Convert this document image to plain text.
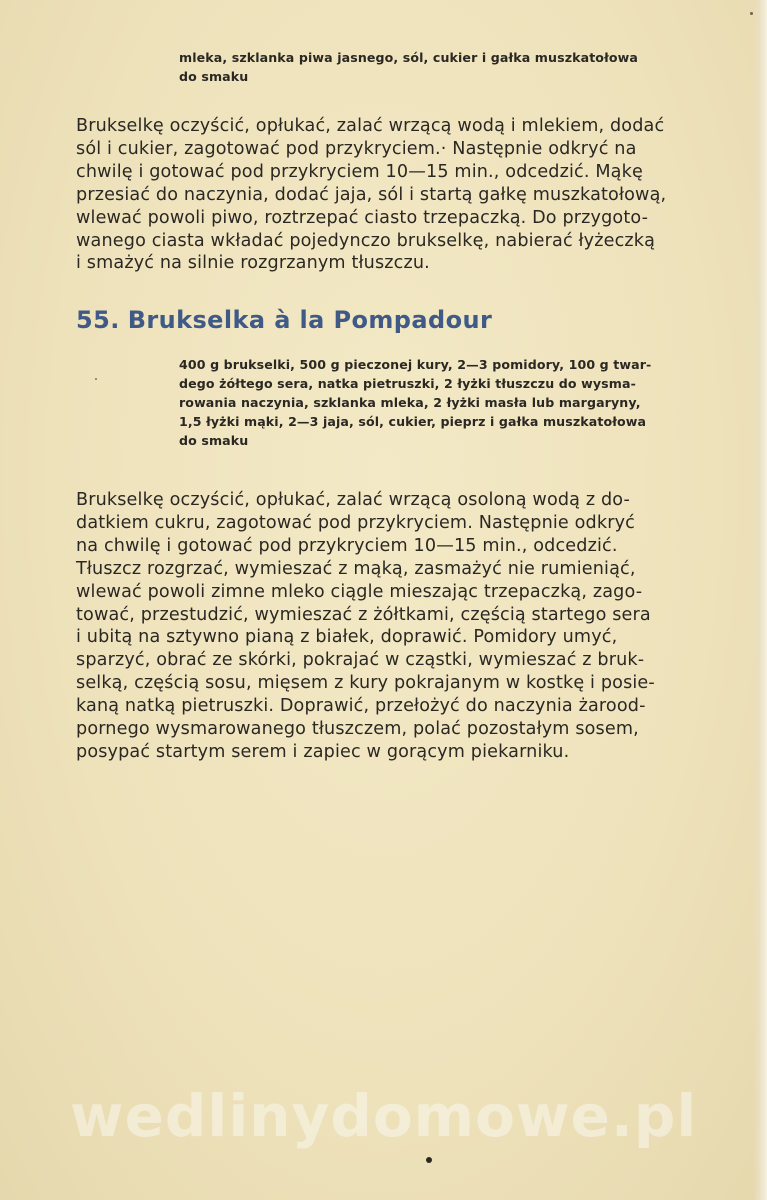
mleka, szklanka piwa jasnego, sól, cukier i gałka muszkatołowa
do smaku
Brukselkę oczyścić, opłukać, zalać wrzącą wodą i mlekiem, dodać
sól i cukier, zagotować pod przykryciem.· Następnie odkryć na
chwilę i gotować pod przykryciem 10—15 min., odcedzić. Mąkę
przesiać do naczynia, dodać jaja, sól i startą gałkę muszkatołową,
wlewać powoli piwo, roztrzepać ciasto trzepaczką. Do przygoto-
wanego ciasta wkładać pojedynczo brukselkę, nabierać łyżeczką
i smażyć na silnie rozgrzanym tłuszczu.
55. Brukselka à la Pompadour
400 g brukselki, 500 g pieczonej kury, 2—3 pomidory, 100 g twar-
dego żółtego sera, natka pietruszki, 2 łyżki tłuszczu do wysma-
rowania naczynia, szklanka mleka, 2 łyżki masła lub margaryny,
1,5 łyżki mąki, 2—3 jaja, sól, cukier, pieprz i gałka muszkatołowa
do smaku
Brukselkę oczyścić, opłukać, zalać wrzącą osoloną wodą z do-
datkiem cukru, zagotować pod przykryciem. Następnie odkryć
na chwilę i gotować pod przykryciem 10—15 min., odcedzić.
Tłuszcz rozgrzać, wymieszać z mąką, zasmażyć nie rumieniąć,
wlewać powoli zimne mleko ciągle mieszając trzepaczką, zago-
tować, przestudzić, wymieszać z żółtkami, częścią startego sera
i ubitą na sztywno pianą z białek, doprawić. Pomidory umyć,
sparzyć, obrać ze skórki, pokrajać w cząstki, wymieszać z bruk-
selką, częścią sosu, mięsem z kury pokrajanym w kostkę i posie-
kaną natką pietruszki. Doprawić, przełożyć do naczynia żarood-
pornego wysmarowanego tłuszczem, polać pozostałym sosem,
posypać startym serem i zapiec w gorącym piekarniku.
wedlinydomowe.pl
